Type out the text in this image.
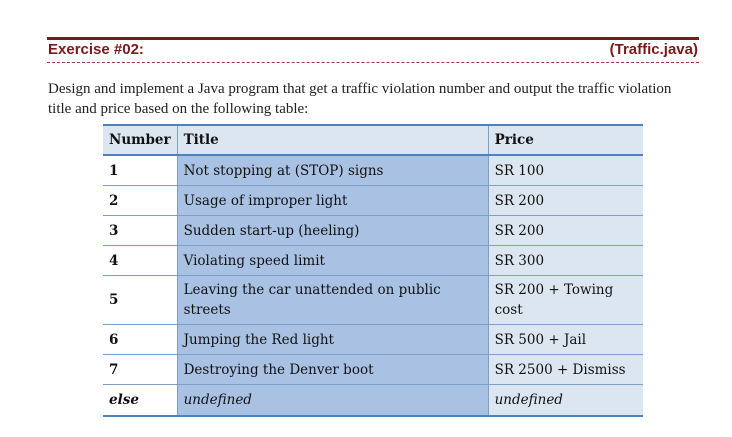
Exercise #02:	(Traffic.java)
Design and implement a Java program that get a traffic violation number and output the traffic violation title and price based on the following table:
Number	Title	Price
1	Not stopping at (STOP) signs	SR 100
2	Usage of improper light	SR 200
3	Sudden start-up (heeling)	SR 200
4	Violating speed limit	SR 300
5	Leaving the car unattended on public streets	SR 200 + Towing cost
6	Jumping the Red light	SR 500 + Jail
7	Destroying the Denver boot	SR 2500 + Dismiss
else	undefined	undefined
